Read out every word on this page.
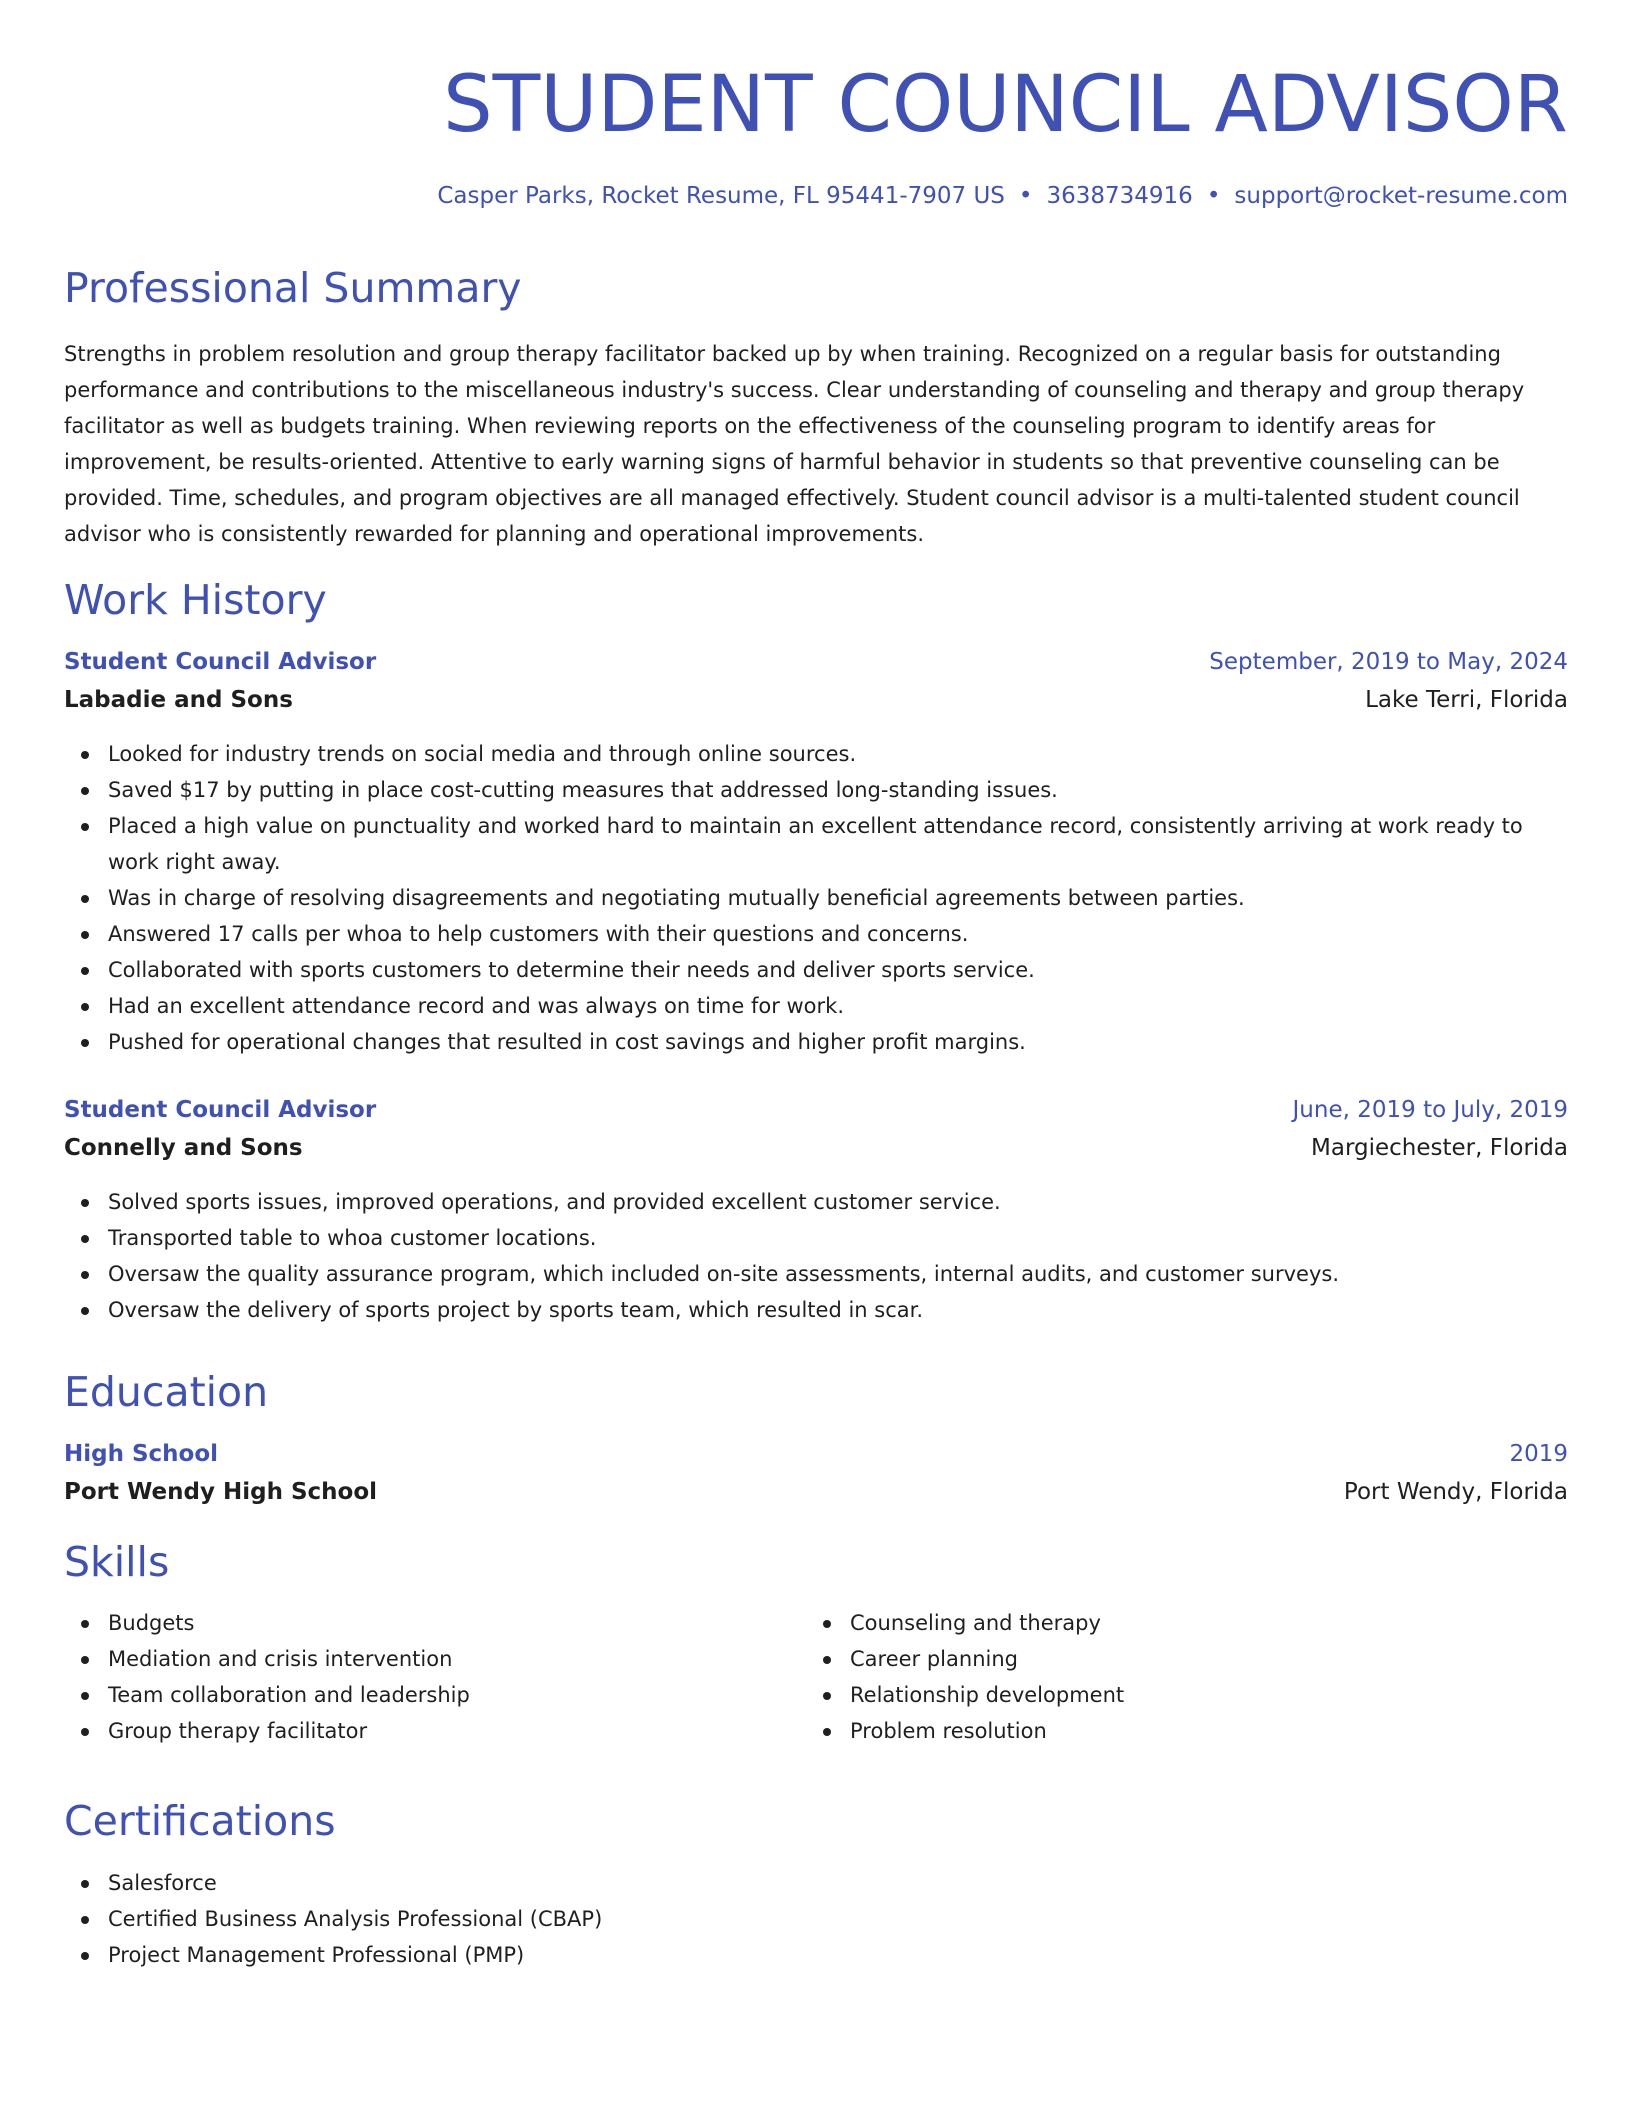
STUDENT COUNCIL ADVISOR
Casper Parks, Rocket Resume, FL 95441-7907 US • 3638734916 • support@rocket-resume.com
Professional Summary

Strengths in problem resolution and group therapy facilitator backed up by when training. Recognized on a regular basis for outstanding performance and contributions to the miscellaneous industry's success. Clear understanding of counseling and therapy and group therapy facilitator as well as budgets training. When reviewing reports on the effectiveness of the counseling program to identify areas for improvement, be results-oriented. Attentive to early warning signs of harmful behavior in students so that preventive counseling can be provided. Time, schedules, and program objectives are all managed effectively. Student council advisor is a multi-talented student council advisor who is consistently rewarded for planning and operational improvements.

Work History
Student Council Advisor	September, 2019 to May, 2024
Labadie and Sons	Lake Terri, Florida
Looked for industry trends on social media and through online sources.
Saved $17 by putting in place cost-cutting measures that addressed long-standing issues.
Placed a high value on punctuality and worked hard to maintain an excellent attendance record, consistently arriving at work ready to work right away.
Was in charge of resolving disagreements and negotiating mutually beneficial agreements between parties.
Answered 17 calls per whoa to help customers with their questions and concerns.
Collaborated with sports customers to determine their needs and deliver sports service.
Had an excellent attendance record and was always on time for work.
Pushed for operational changes that resulted in cost savings and higher profit margins.
Student Council Advisor	June, 2019 to July, 2019
Connelly and Sons	Margiechester, Florida
Solved sports issues, improved operations, and provided excellent customer service.
Transported table to whoa customer locations.
Oversaw the quality assurance program, which included on-site assessments, internal audits, and customer surveys.
Oversaw the delivery of sports project by sports team, which resulted in scar.
Education
High School	2019
Port Wendy High School	Port Wendy, Florida
Skills
Budgets
Mediation and crisis intervention
Team collaboration and leadership
Group therapy facilitator
Counseling and therapy
Career planning
Relationship development
Problem resolution
Certifications
Salesforce
Certified Business Analysis Professional (CBAP)
Project Management Professional (PMP)
